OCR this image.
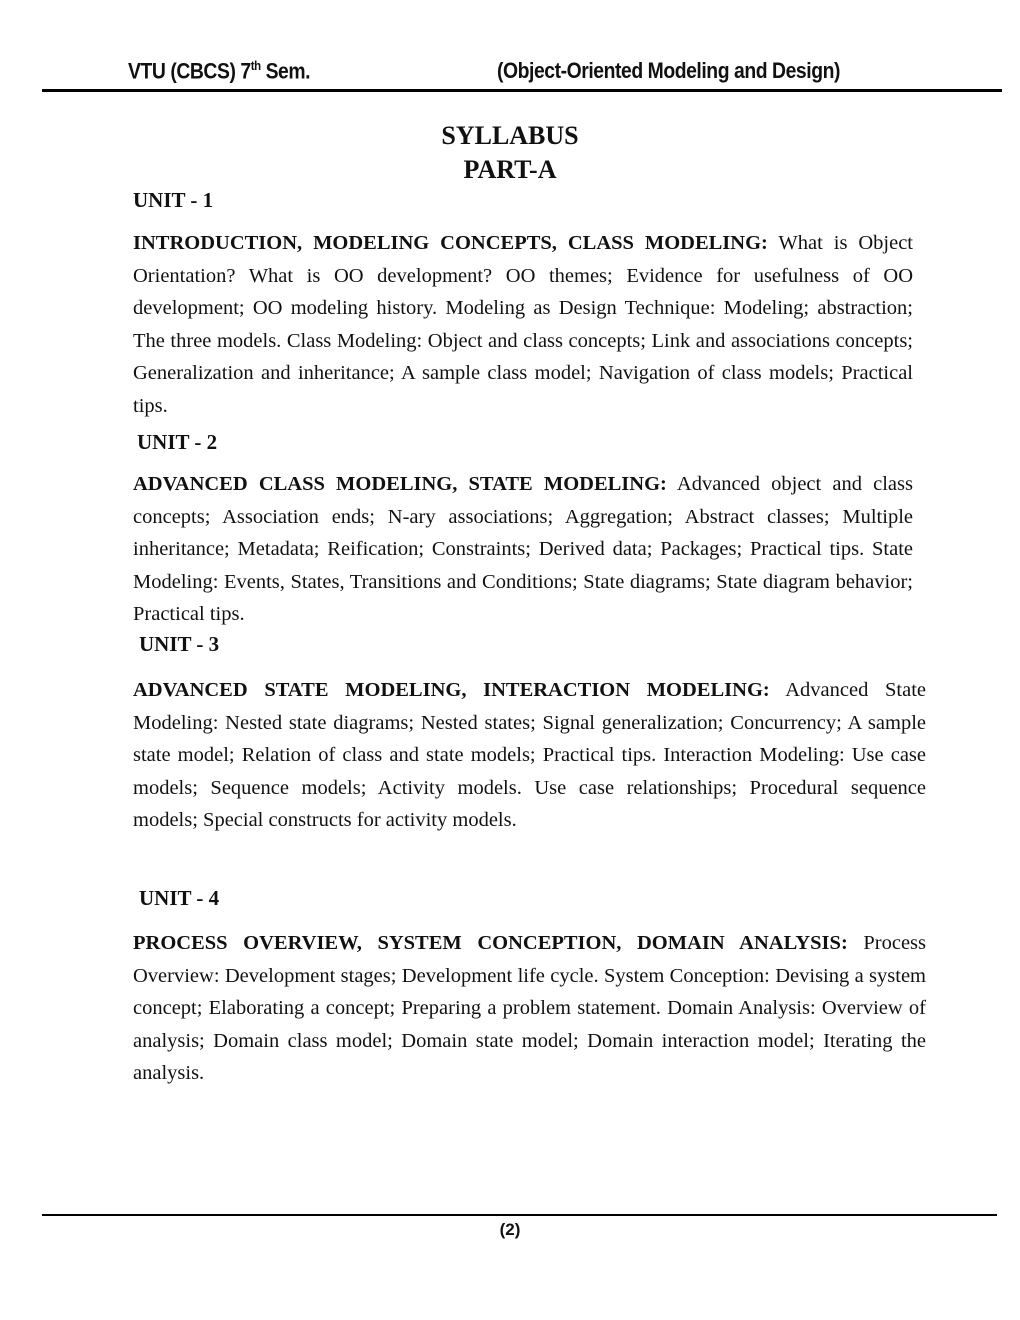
VTU (CBCS) 7th Sem.	(Object-Oriented Modeling and Design)
SYLLABUS
PART-A
UNIT - 1
INTRODUCTION, MODELING CONCEPTS, CLASS MODELING: What is Object Orientation? What is OO development? OO themes; Evidence for usefulness of OO development; OO modeling history. Modeling as Design Technique: Modeling; abstraction; The three models. Class Modeling: Object and class concepts; Link and associations concepts; Generalization and inheritance; A sample class model; Navigation of class models; Practical tips.
UNIT - 2
ADVANCED CLASS MODELING, STATE MODELING: Advanced object and class concepts; Association ends; N-ary associations; Aggregation; Abstract classes; Multiple inheritance; Metadata; Reification; Constraints; Derived data; Packages; Practical tips. State Modeling: Events, States, Transitions and Conditions; State diagrams; State diagram behavior; Practical tips.
UNIT - 3
ADVANCED STATE MODELING, INTERACTION MODELING: Advanced State Modeling: Nested state diagrams; Nested states; Signal generalization; Concurrency; A sample state model; Relation of class and state models; Practical tips. Interaction Modeling: Use case models; Sequence models; Activity models. Use case relationships; Procedural sequence models; Special constructs for activity models.
UNIT - 4
PROCESS OVERVIEW, SYSTEM CONCEPTION, DOMAIN ANALYSIS: Process Overview: Development stages; Development life cycle. System Conception: Devising a system concept; Elaborating a concept; Preparing a problem statement. Domain Analysis: Overview of analysis; Domain class model; Domain state model; Domain interaction model; Iterating the analysis.
(2)
